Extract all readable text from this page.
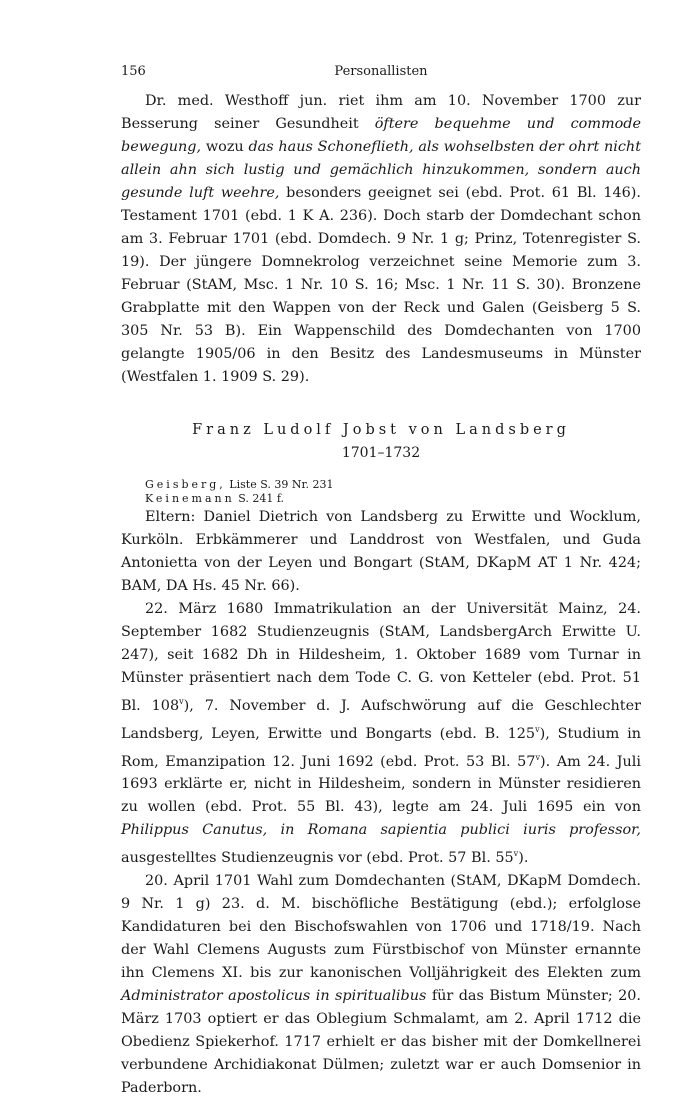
156	Personallisten

Dr. med. Westhoff jun. riet ihm am 10. November 1700 zur Besserung seiner Gesundheit öftere bequehme und commode bewegung, wozu das haus Schoneflieth, als wohselbsten der ohrt nicht allein ahn sich lustig und gemächlich hinzukommen, sondern auch gesunde luft weehre, besonders geeignet sei (ebd. Prot. 61 Bl. 146). Testament 1701 (ebd. 1 K A. 236). Doch starb der Domdechant schon am 3. Februar 1701 (ebd. Domdech. 9 Nr. 1 g; Prinz, Totenregister S. 19). Der jüngere Domnekrolog verzeichnet seine Memorie zum 3. Februar (StAM, Msc. 1 Nr. 10 S. 16; Msc. 1 Nr. 11 S. 30). Bronzene Grabplatte mit den Wappen von der Reck und Galen (Geisberg 5 S. 305 Nr. 53 B). Ein Wappenschild des Domdechanten von 1700 gelangte 1905/06 in den Besitz des Landesmuseums in Münster (Westfalen 1. 1909 S. 29).

Franz Ludolf Jobst von Landsberg
1701–1732
Geisberg, Liste S. 39 Nr. 231
Keinemann S. 241 f.

Eltern: Daniel Dietrich von Landsberg zu Erwitte und Wocklum, Kurköln. Erbkämmerer und Landdrost von Westfalen, und Guda Antonietta von der Leyen und Bongart (StAM, DKapM AT 1 Nr. 424; BAM, DA Hs. 45 Nr. 66).

22. März 1680 Immatrikulation an der Universität Mainz, 24. September 1682 Studienzeugnis (StAM, LandsbergArch Erwitte U. 247), seit 1682 Dh in Hildesheim, 1. Oktober 1689 vom Turnar in Münster präsentiert nach dem Tode C. G. von Ketteler (ebd. Prot. 51 Bl. 108$^v$), 7. November d. J. Aufschwörung auf die Geschlechter Landsberg, Leyen, Erwitte und Bongarts (ebd. B. 125$^v$), Studium in Rom, Emanzipation 12. Juni 1692 (ebd. Prot. 53 Bl. 57$^v$). Am 24. Juli 1693 erklärte er, nicht in Hildesheim, sondern in Münster residieren zu wollen (ebd. Prot. 55 Bl. 43), legte am 24. Juli 1695 ein von Philippus Canutus, in Romana sapientia publici iuris professor, ausgestelltes Studienzeugnis vor (ebd. Prot. 57 Bl. 55$^v$).

20. April 1701 Wahl zum Domdechanten (StAM, DKapM Domdech. 9 Nr. 1 g) 23. d. M. bischöfliche Bestätigung (ebd.); erfolglose Kandidaturen bei den Bischofswahlen von 1706 und 1718/19. Nach der Wahl Clemens Augusts zum Fürstbischof von Münster ernannte ihn Clemens XI. bis zur kanonischen Volljährigkeit des Elekten zum Administrator apostolicus in spiritualibus für das Bistum Münster; 20. März 1703 optiert er das Oblegium Schmalamt, am 2. April 1712 die Obedienz Spiekerhof. 1717 erhielt er das bisher mit der Domkellnerei verbundene Archidiakonat Dülmen; zuletzt war er auch Domsenior in Paderborn.
